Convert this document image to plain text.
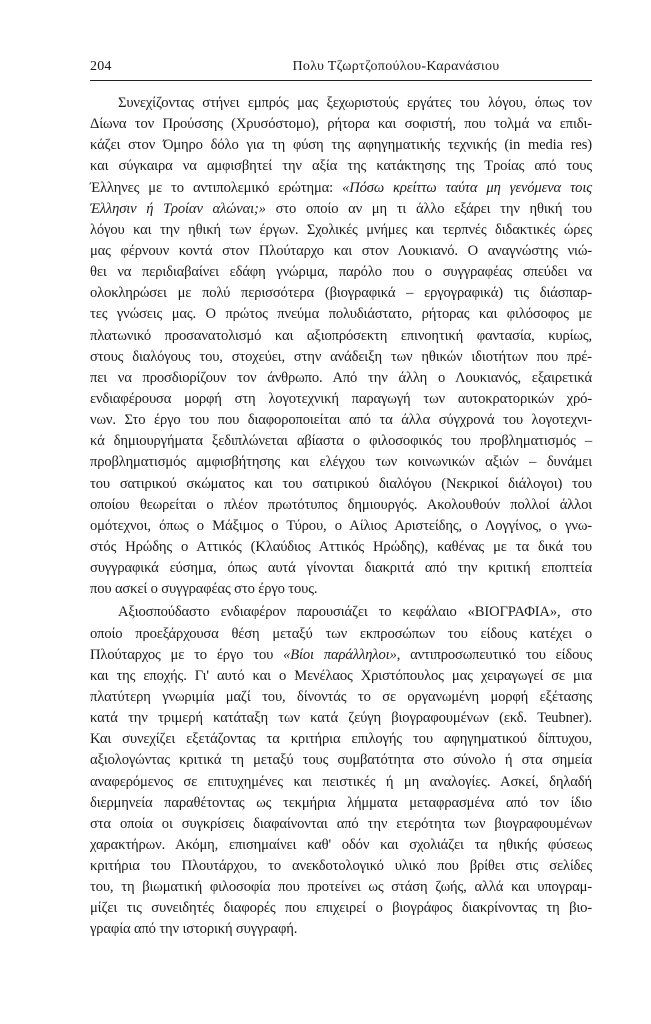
204	Πολυ Τζωρτζοπούλου-Καρανάσιου
Συνεχίζοντας στήνει εμπρός μας ξεχωριστούς εργάτες του λόγου, όπως τον
Δίωνα τον Προύσσης (Χρυσόστομο), ρήτορα και σοφιστή, που τολμά να επιδι-
κάζει στον Όμηρο δόλο για τη φύση της αφηγηματικής τεχνικής (in media res)
και σύγκαιρα να αμφισβητεί την αξία της κατάκτησης της Τροίας από τους
Έλληνες με το αντιπολεμικό ερώτημα: «Πόσω κρείττω ταύτα μη γενόμενα τοις
Έλλησιν ή Τροίαν αλώναι;» στο οποίο αν μη τι άλλο εξάρει την ηθική του
λόγου και την ηθική των έργων. Σχολικές μνήμες και τερπνές διδακτικές ώρες
μας φέρνουν κοντά στον Πλούταρχο και στον Λουκιανό. Ο αναγνώστης νιώ-
θει να περιδιαβαίνει εδάφη γνώριμα, παρόλο που ο συγγραφέας σπεύδει να
ολοκληρώσει με πολύ περισσότερα (βιογραφικά – εργογραφικά) τις διάσπαρ-
τες γνώσεις μας. Ο πρώτος πνεύμα πολυδιάστατο, ρήτορας και φιλόσοφος με
πλατωνικό προσανατολισμό και αξιοπρόσεκτη επινοητική φαντασία, κυρίως,
στους διαλόγους του, στοχεύει, στην ανάδειξη των ηθικών ιδιοτήτων που πρέ-
πει να προσδιορίζουν τον άνθρωπο. Από την άλλη ο Λουκιανός, εξαιρετικά
ενδιαφέρουσα μορφή στη λογοτεχνική παραγωγή των αυτοκρατορικών χρό-
νων. Στο έργο του που διαφοροποιείται από τα άλλα σύγχρονά του λογοτεχνι-
κά δημιουργήματα ξεδιπλώνεται αβίαστα ο φιλοσοφικός του προβληματισμός –
προβληματισμός αμφισβήτησης και ελέγχου των κοινωνικών αξιών – δυνάμει
του σατιρικού σκώματος και του σατιρικού διαλόγου (Νεκρικοί διάλογοι) του
οποίου θεωρείται ο πλέον πρωτότυπος δημιουργός. Ακολουθούν πολλοί άλλοι
ομότεχνοι, όπως ο Μάξιμος ο Τύρου, ο Αίλιος Αριστείδης, ο Λογγίνος, ο γνω-
στός Ηρώδης ο Αττικός (Κλαύδιος Αττικός Ηρώδης), καθένας με τα δικά του
συγγραφικά εύσημα, όπως αυτά γίνονται διακριτά από την κριτική εποπτεία
που ασκεί ο συγγραφέας στο έργο τους.
Αξιοσπούδαστο ενδιαφέρον παρουσιάζει το κεφάλαιο «ΒΙΟΓΡΑΦΙΑ», στο
οποίο προεξάρχουσα θέση μεταξύ των εκπροσώπων του είδους κατέχει ο
Πλούταρχος με το έργο του «Βίοι παράλληλοι», αντιπροσωπευτικό του είδους
και της εποχής. Γι' αυτό και ο Μενέλαος Χριστόπουλος μας χειραγωγεί σε μια
πλατύτερη γνωριμία μαζί του, δίνοντάς το σε οργανωμένη μορφή εξέτασης
κατά την τριμερή κατάταξη των κατά ζεύγη βιογραφουμένων (εκδ. Teubner).
Και συνεχίζει εξετάζοντας τα κριτήρια επιλογής του αφηγηματικού δίπτυχου,
αξιολογώντας κριτικά τη μεταξύ τους συμβατότητα στο σύνολο ή στα σημεία
αναφερόμενος σε επιτυχημένες και πειστικές ή μη αναλογίες. Ασκεί, δηλαδή
διερμηνεία παραθέτοντας ως τεκμήρια λήμματα μεταφρασμένα από τον ίδιο
στα οποία οι συγκρίσεις διαφαίνονται από την ετερότητα των βιογραφουμένων
χαρακτήρων. Ακόμη, επισημαίνει καθ' οδόν και σχολιάζει τα ηθικής φύσεως
κριτήρια του Πλουτάρχου, το ανεκδοτολογικό υλικό που βρίθει στις σελίδες
του, τη βιωματική φιλοσοφία που προτείνει ως στάση ζωής, αλλά και υπογραμ-
μίζει τις συνειδητές διαφορές που επιχειρεί ο βιογράφος διακρίνοντας τη βιο-
γραφία από την ιστορική συγγραφή.
